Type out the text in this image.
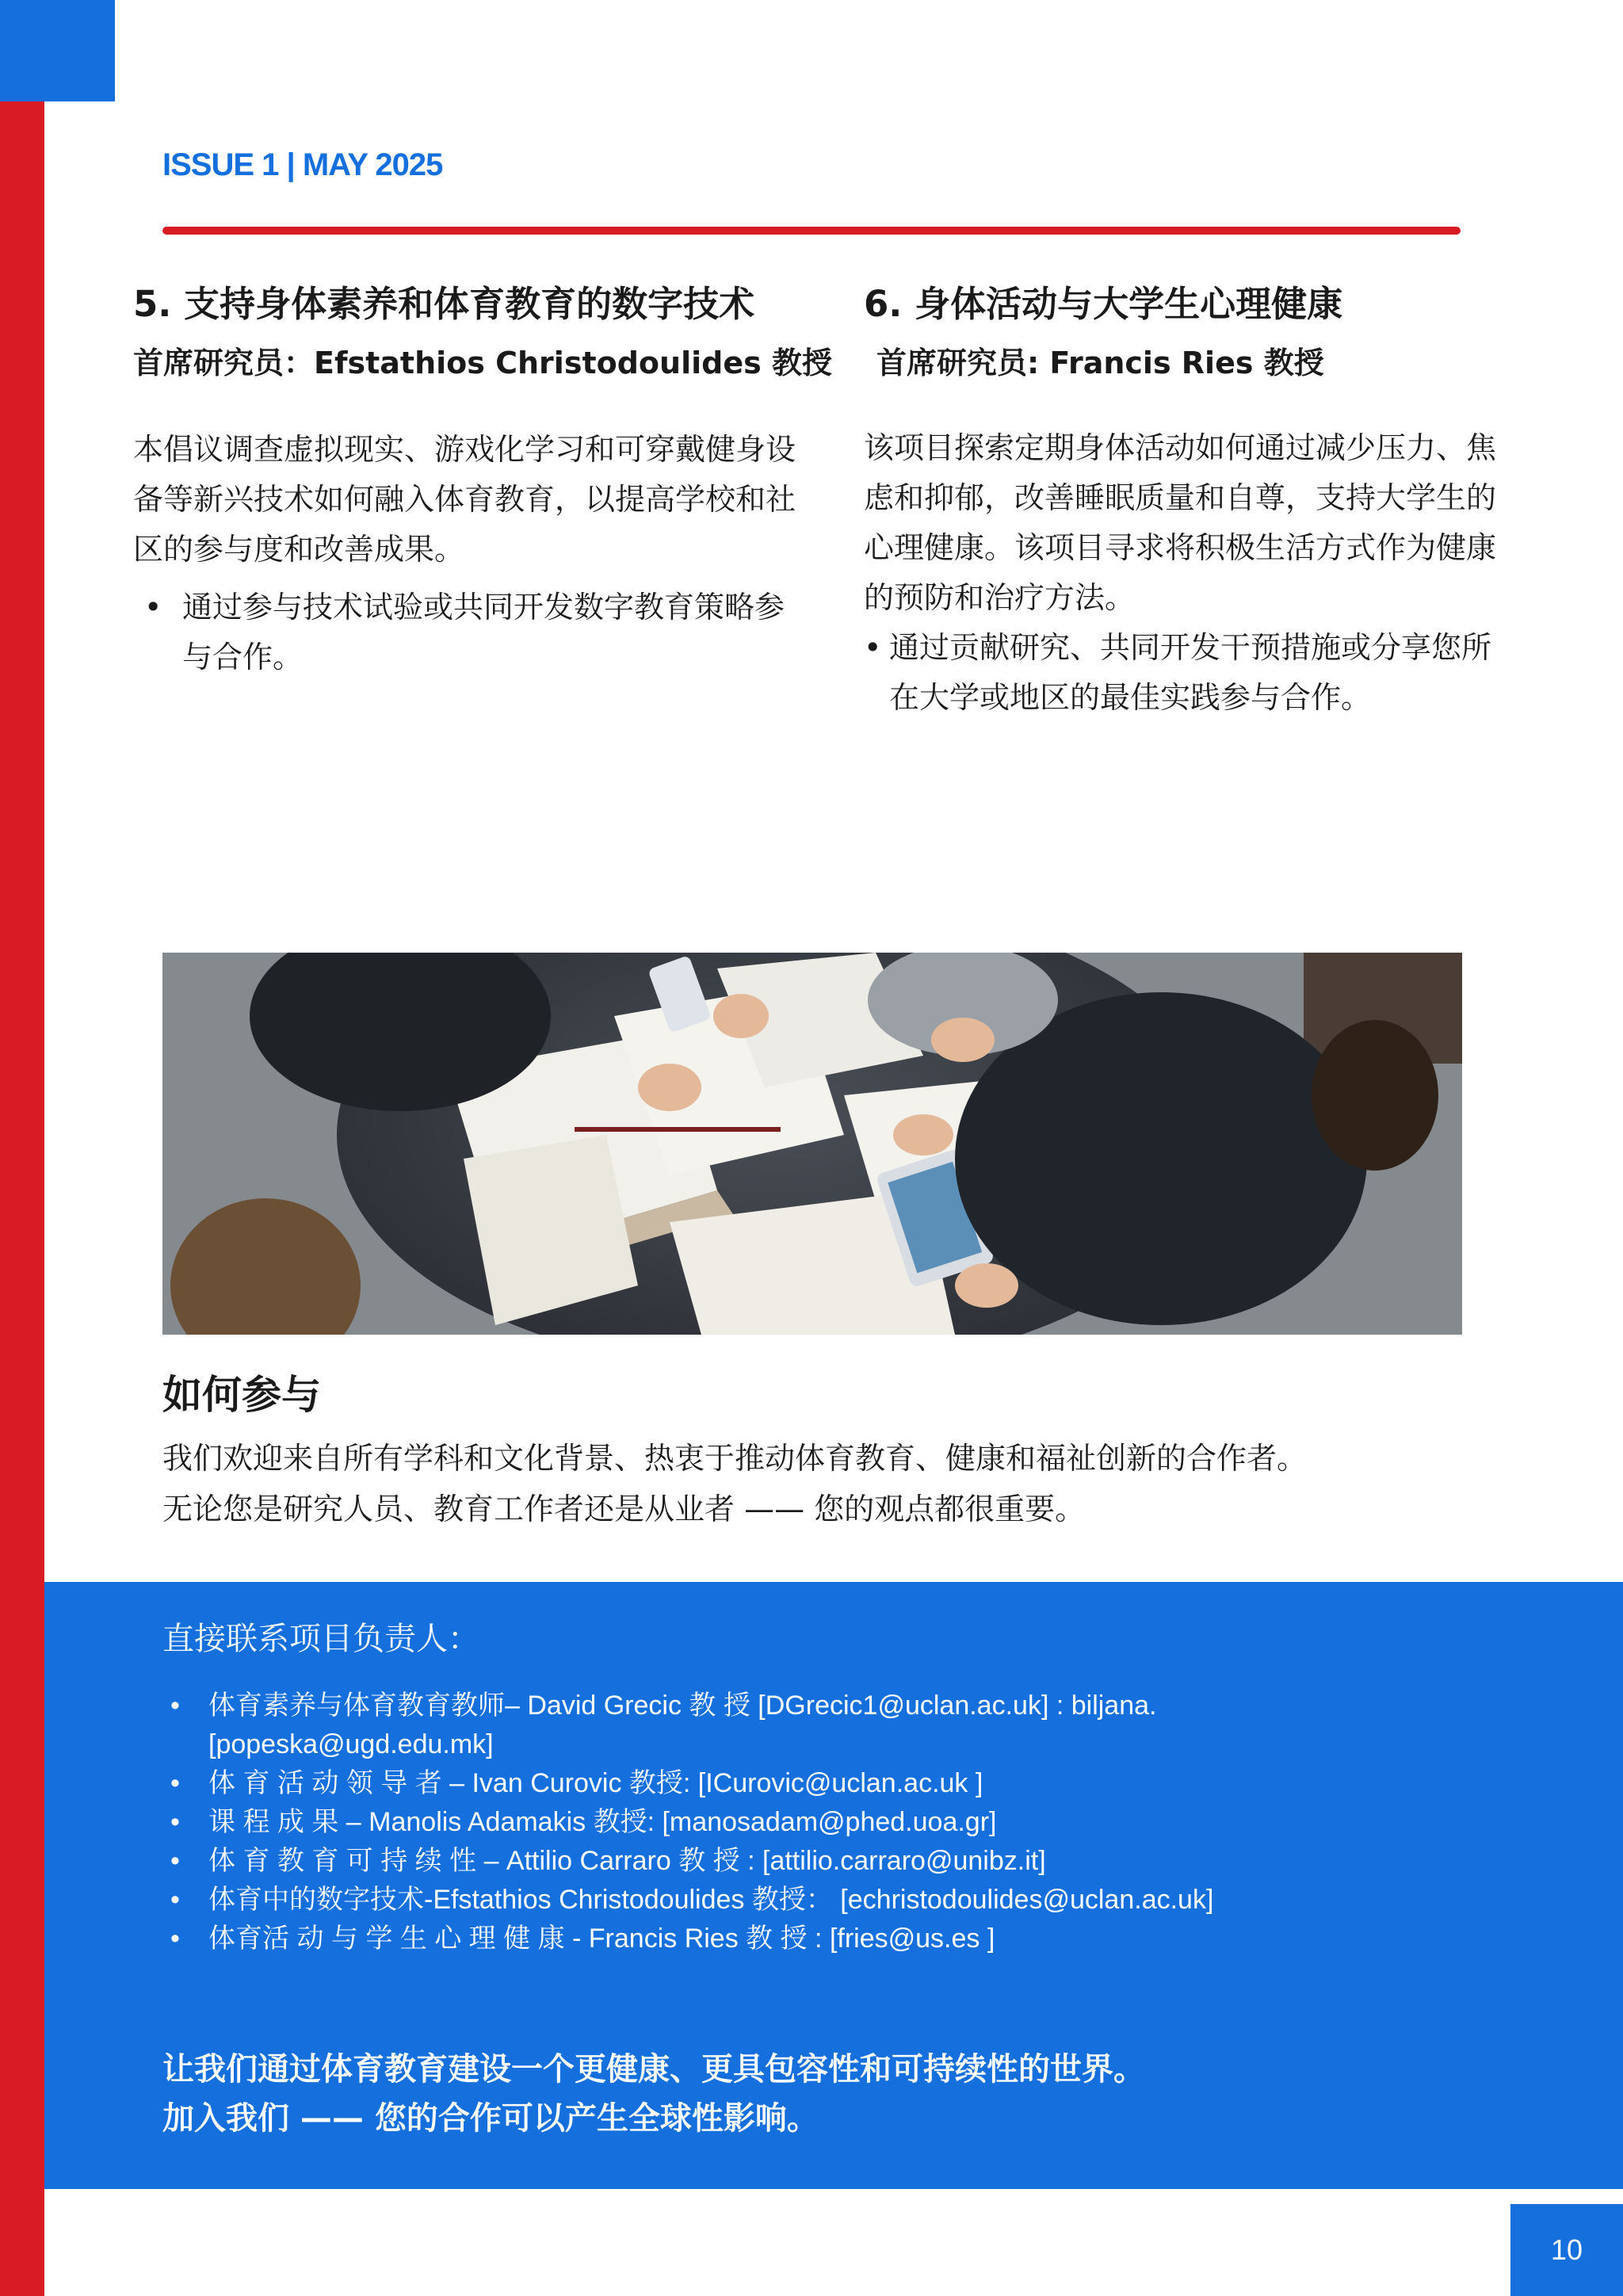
ISSUE 1 | MAY 2025
5. 支持身体素养和体育教育的数字技术
首席研究员：Efstathios Christodoulides 教授

本倡议调查虚拟现实、游戏化学习和可穿戴健身设备等新兴技术如何融入体育教育，以提高学校和社区的参与度和改善成果。

• 通过参与技术试验或共同开发数字教育策略参与合作。
6. 身体活动与大学生心理健康
首席研究员: Francis Ries 教授

该项目探索定期身体活动如何通过减少压力、焦虑和抑郁，改善睡眠质量和自尊，支持大学生的心理健康。该项目寻求将积极生活方式作为健康的预防和治疗方法。

• 通过贡献研究、共同开发干预措施或分享您所在大学或地区的最佳实践参与合作。
如何参与
我们欢迎来自所有学科和文化背景、热衷于推动体育教育、健康和福祉创新的合作者。
无论您是研究人员、教育工作者还是从业者 —— 您的观点都很重要。

直接联系项目负责人：

• 体育素养与体育教育教师– David Grecic 教 授 [DGrecic1@uclan.ac.uk] : biljana.[popeska@ugd.edu.mk]
• 体 育 活 动 领 导 者 – Ivan Curovic 教授: [ICurovic@uclan.ac.uk ]
• 课 程 成 果 – Manolis Adamakis 教授: [manosadam@phed.uoa.gr]
• 体 育 教 育 可 持 续 性 – Attilio Carraro 教 授 : [attilio.carraro@unibz.it]
• 体育中的数字技术-Efstathios Christodoulides 教授： [echristodoulides@uclan.ac.uk]
• 体育活 动 与 学 生 心 理 健 康 - Francis Ries 教 授 : [fries@us.es ]
让我们通过体育教育建设一个更健康、更具包容性和可持续性的世界。
加入我们 —— 您的合作可以产生全球性影响。
10
